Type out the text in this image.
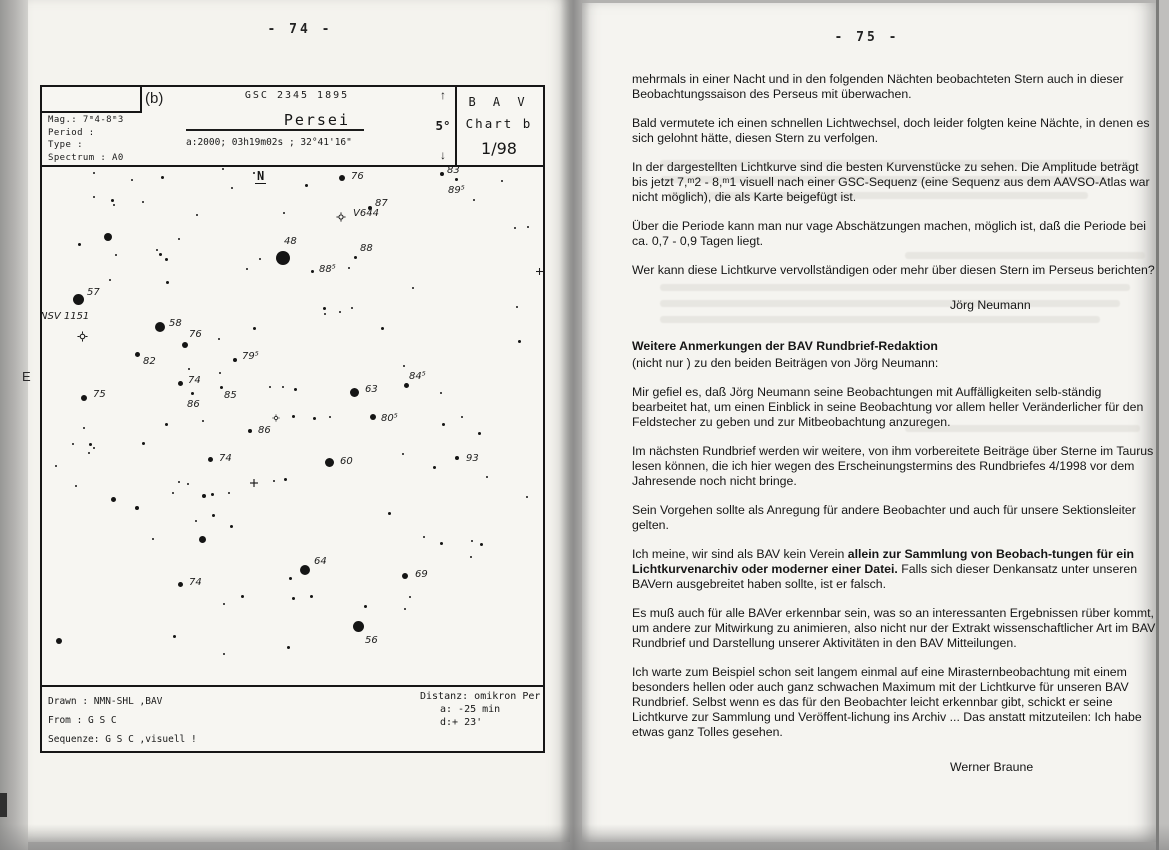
- 74 -
- 75 -
E
(b)	GSC 2345 1895
Mag.: 7ᵐ4-8ᵐ3
Period :
Type :
Spectrum : A0
Persei
a:2000; 03h19m02s ; 32°41'16"
↑
5°
↓
B A V
Chart b
1/98
N	76
83
89⁵
87
V644
48
88
88⁵
57
NSV 1151
58
76
82	79⁵
74
85
75
86
63
84⁵
80⁵
86
74	60	93
64
74
69
56
Drawn : NMN-SHL ,BAV
From : G S C
Sequenze: G S C ,visuell !
Distanz: omikron Per
a: -25 min
d:+ 23'
mehrmals in einer Nacht und in den folgenden Nächten beobachteten Stern auch in dieser Beobachtungssaison des Perseus mit überwachen.
Bald vermutete ich einen schnellen Lichtwechsel, doch leider folgten keine Nächte, in denen es sich gelohnt hätte, diesen Stern zu verfolgen.
In der dargestellten Lichtkurve sind die besten Kurvenstücke zu sehen. Die Amplitude beträgt bis jetzt 7,ᵐ2 - 8,ᵐ1 visuell nach einer GSC-Sequenz (eine Sequenz aus dem AAVSO-Atlas war nicht möglich), die als Karte beigefügt ist.
Über die Periode kann man nur vage Abschätzungen machen, möglich ist, daß die Periode bei ca. 0,7 - 0,9 Tagen liegt.
Wer kann diese Lichtkurve vervollständigen oder mehr über diesen Stern im Perseus berichten?
Jörg Neumann
Weitere Anmerkungen der BAV Rundbrief-Redaktion
(nicht nur ) zu den beiden Beiträgen von Jörg Neumann:
Mir gefiel es, daß Jörg Neumann seine Beobachtungen mit Auffälligkeiten selb-ständig bearbeitet hat, um einen Einblick in seine Beobachtung vor allem heller Veränderlicher für den Feldstecher zu geben und zur Mitbeobachtung anzuregen.
Im nächsten Rundbrief werden wir weitere, von ihm vorbereitete Beiträge über Sterne im Taurus lesen können, die ich hier wegen des Erscheinungstermins des Rundbriefes 4/1998 vor dem Jahresende noch nicht bringe.
Sein Vorgehen sollte als Anregung für andere Beobachter und auch für unsere Sektionsleiter gelten.
Ich meine, wir sind als BAV kein Verein allein zur Sammlung von Beobach-tungen für ein Lichtkurvenarchiv oder moderner einer Datei. Falls sich dieser Denkansatz unter unseren BAVern ausgebreitet haben sollte, ist er falsch.
Es muß auch für alle BAVer erkennbar sein, was so an interessanten Ergebnissen rüber kommt, um andere zur Mitwirkung zu animieren, also nicht nur der Extrakt wissenschaftlicher Art im BAV Rundbrief und Darstellung unserer Aktivitäten in den BAV Mitteilungen.
Ich warte zum Beispiel schon seit langem einmal auf eine Mirasternbeobachtung mit einem besonders hellen oder auch ganz schwachen Maximum mit der Lichtkurve für unseren BAV Rundbrief. Selbst wenn es das für den Beobachter leicht erkennbar gibt, schickt er seine Lichtkurve zur Sammlung und Veröffent-lichung ins Archiv ... Das anstatt mitzuteilen: Ich habe etwas ganz Tolles gesehen.
Werner Braune
